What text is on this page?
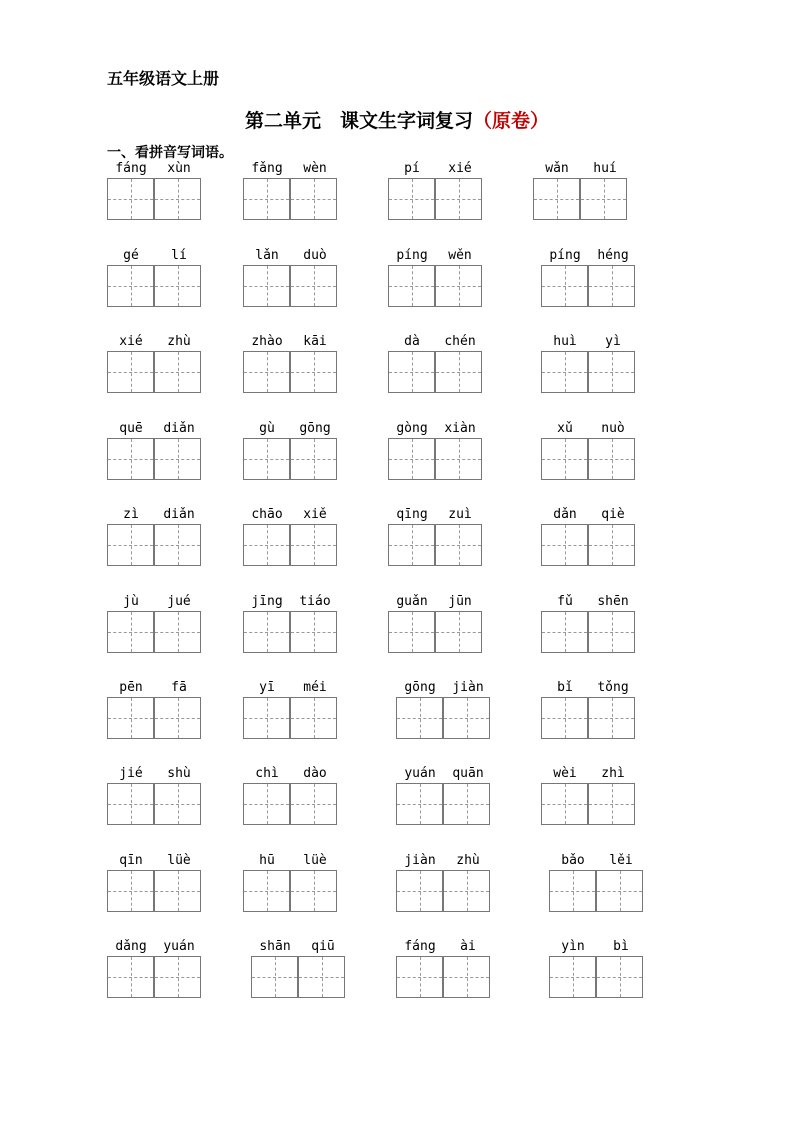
五年级语文上册
第二单元　课文生字词复习（原卷）
一、看拼音写词语。
fáng	xùn	fǎng	wèn	pí	xié	wǎn	huí
gé	lí	lǎn	duò	píng	wěn	píng	héng
xié	zhù	zhào	kāi	dà	chén	huì	yì
quē	diǎn	gù	gōng	gòng	xiàn	xǔ	nuò
zì	diǎn	chāo	xiě	qīng	zuì	dǎn	qiè
jù	jué	jīng	tiáo	guǎn	jūn	fǔ	shēn
pēn	fā	yī	méi	gōng	jiàn	bǐ	tǒng
jié	shù	chì	dào	yuán	quān	wèi	zhì
qīn	lüè	hū	lüè	jiàn	zhù	bǎo	lěi
dǎng	yuán	shān	qiū	fáng	ài	yìn	bì
